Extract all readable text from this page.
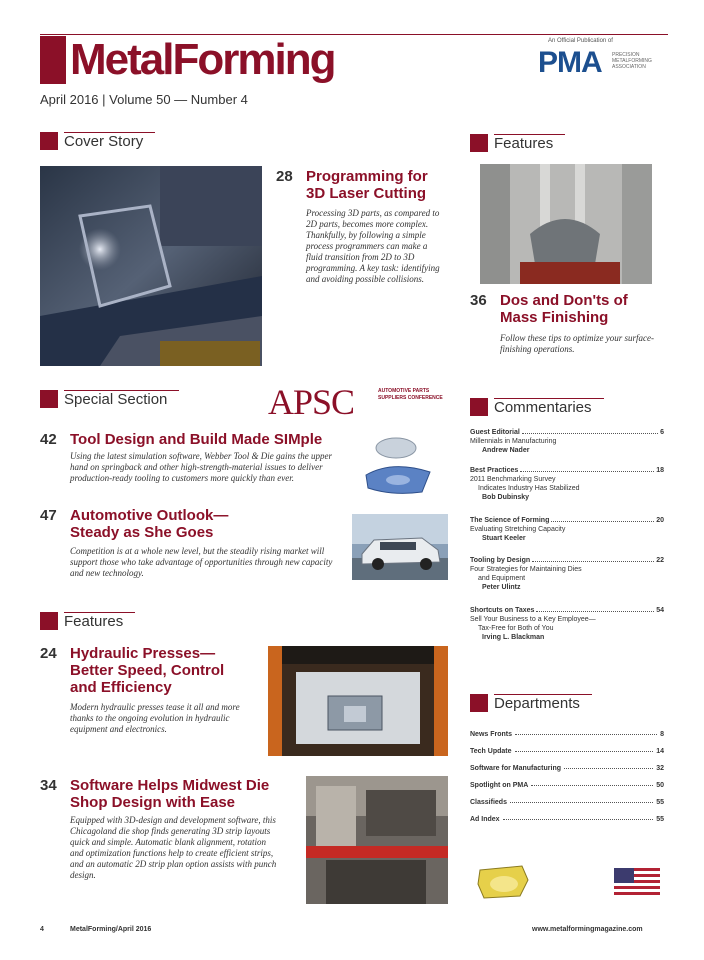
MetalForming
April 2016 | Volume 50 — Number 4
An Official Publication of
PMA PRECISION METALFORMING ASSOCIATION
Cover Story
28 Programming for 3D Laser Cutting
Processing 3D parts, as compared to 2D parts, becomes more complex. Thankfully, by following a simple process programmers can make a fluid transition from 2D to 3D programming. A key task: identifying and avoiding possible collisions.
Features
36 Dos and Don'ts of Mass Finishing
Follow these tips to optimize your surface-finishing operations.
Special Section	APSC	AUTOMOTIVE PARTS SUPPLIERS CONFERENCE
42 Tool Design and Build Made SIMple
Using the latest simulation software, Webber Tool & Die gains the upper hand on springback and other high-strength-material issues to deliver production-ready tooling to customers more quickly than ever.
47 Automotive Outlook— Steady as She Goes
Competition is at a whole new level, but the steadily rising market will support those who take advantage of opportunities through new capacity and new technology.
Features
24 Hydraulic Presses— Better Speed, Control and Efficiency
Modern hydraulic presses tease it all and more thanks to the ongoing evolution in hydraulic equipment and electronics.
34 Software Helps Midwest Die Shop Design with Ease
Equipped with 3D-design and development software, this Chicagoland die shop finds generating 3D strip layouts quick and simple. Automatic blank alignment, rotation and optimization functions help to create efficient strips, and an automatic 2D strip plan option assists with punch design.
Commentaries
Guest Editorial	6
Millennials in Manufacturing
Andrew Nader
Best Practices	18
2011 Benchmarking Survey
Indicates Industry Has Stabilized
Bob Dubinsky
The Science of Forming	20
Evaluating Stretching Capacity
Stuart Keeler
Tooling by Design	22
Four Strategies for Maintaining Dies
and Equipment
Peter Ulintz
Shortcuts on Taxes	54
Sell Your Business to a Key Employee—
Tax-Free for Both of You
Irving L. Blackman
Departments
News Fronts	8
Tech Update	14
Software for Manufacturing	32
Spotlight on PMA	50
Classifieds	55
Ad Index	55
4	MetalForming/April 2016	www.metalformingmagazine.com
